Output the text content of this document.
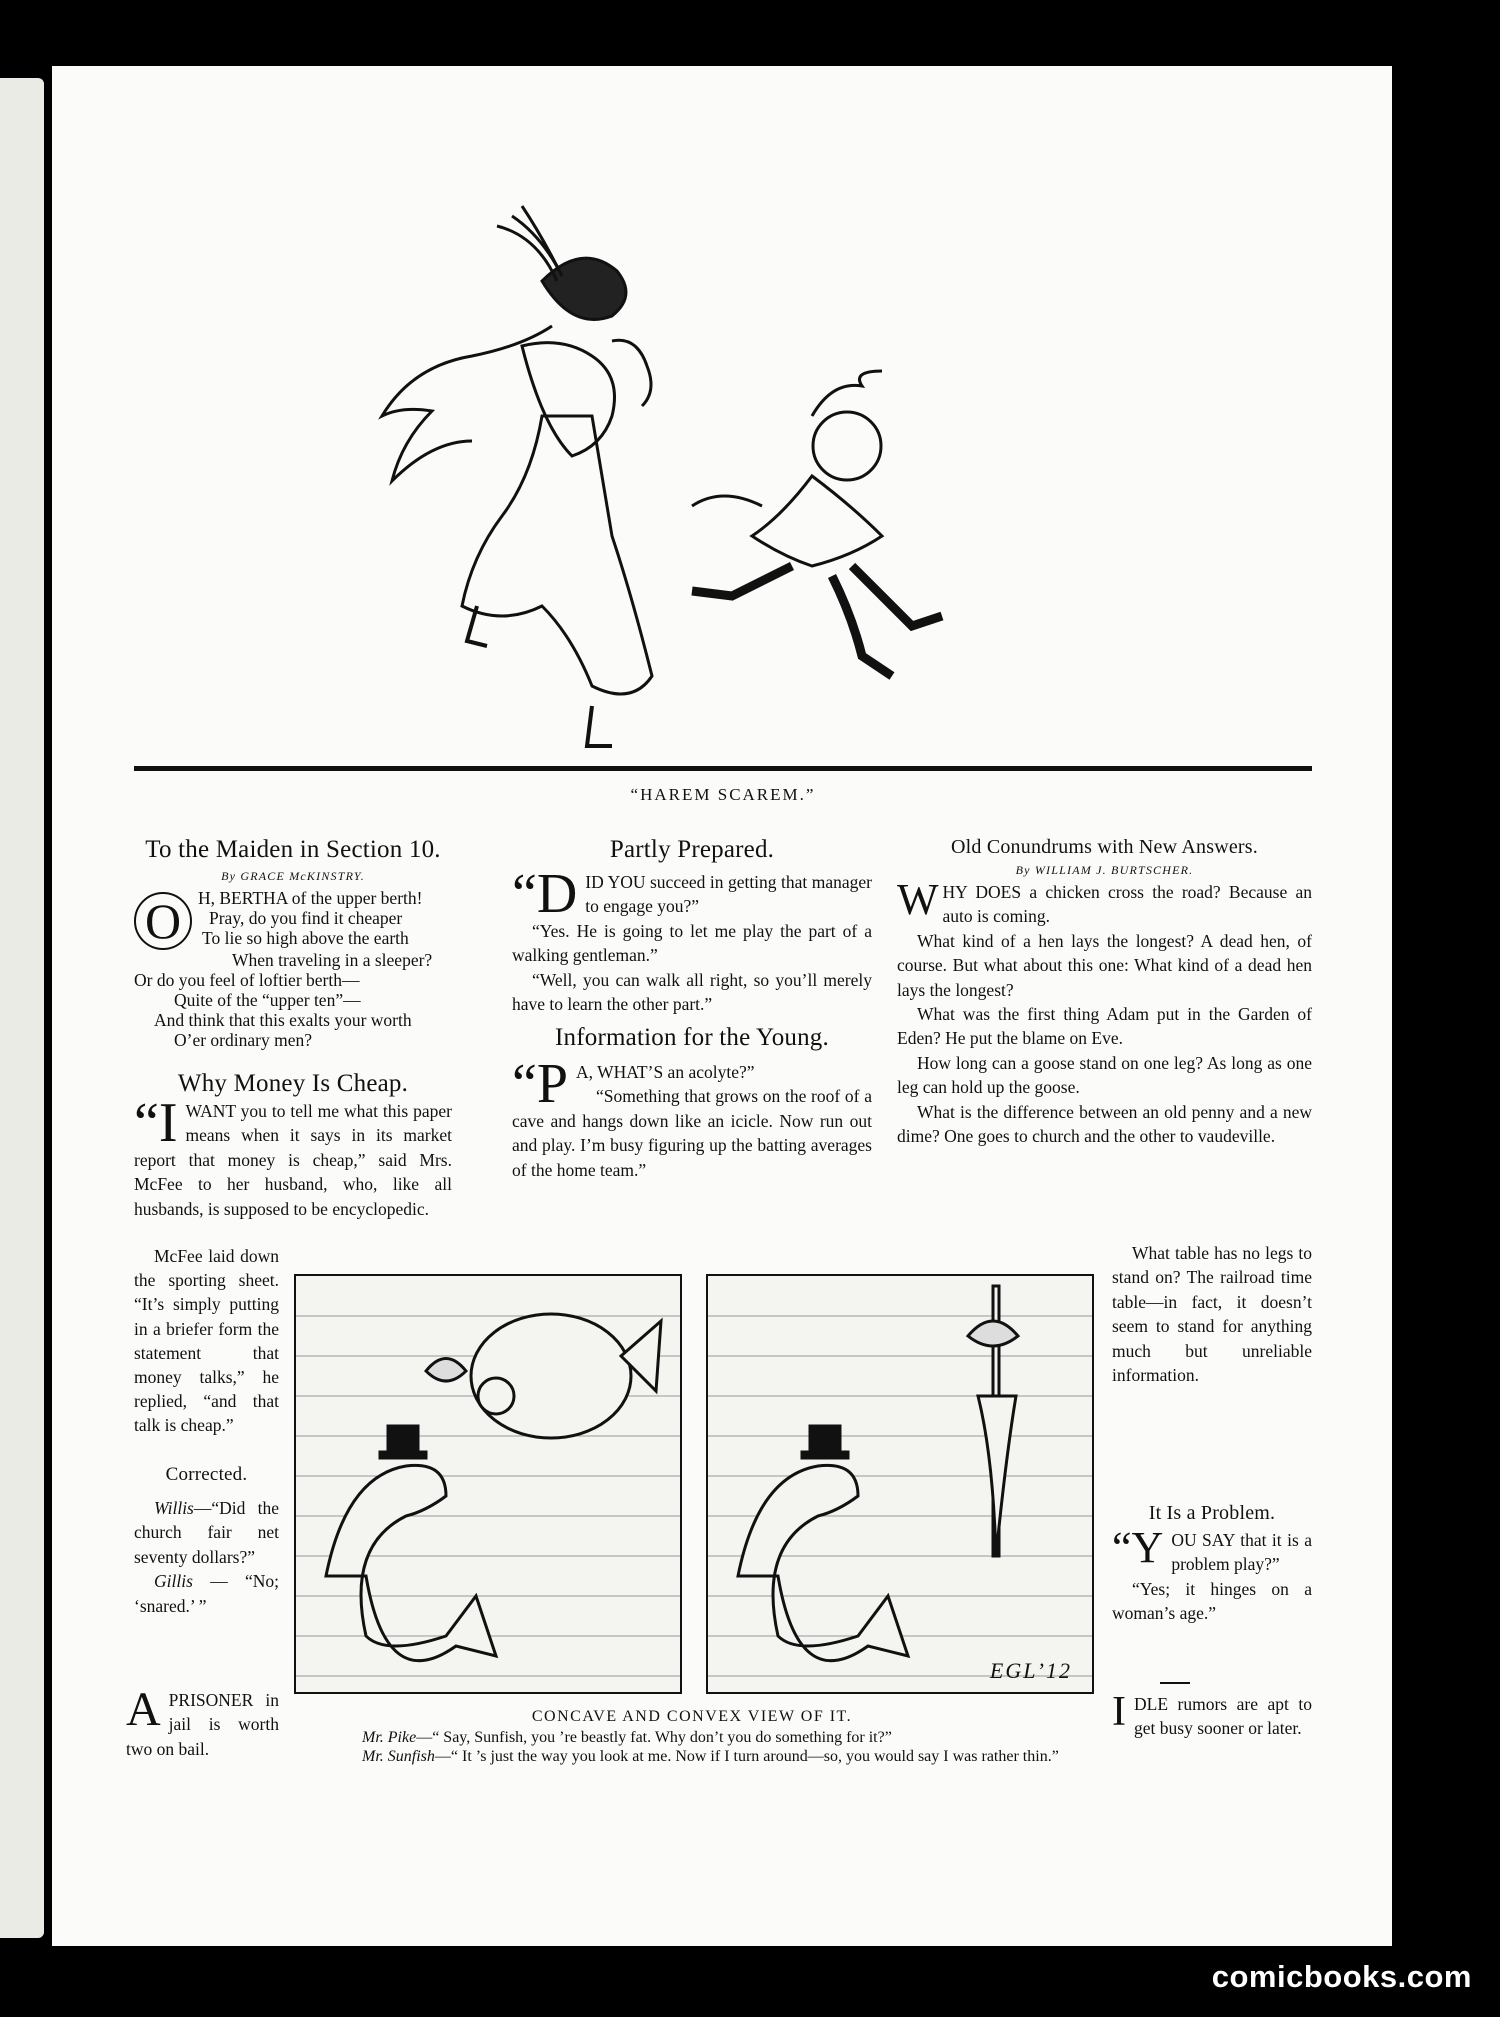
“HAREM SCAREM.”
To the Maiden in Section 10.
By GRACE McKINSTRY.
O H, BERTHA of the upper berth!
Pray, do you find it cheaper
To lie so high above the earth
When traveling in a sleeper?
Or do you feel of loftier berth—
Quite of the “upper ten”—
And think that this exalts your worth
O’er ordinary men?
Why Money Is Cheap.

“IWANT you to tell me what this paper means when it says in its market report that money is cheap,” said Mrs. McFee to her husband, who, like all husbands, is supposed to be encyclopedic.

McFee laid down the sporting sheet. “It’s simply putting in a briefer form the statement that money talks,” he replied, “and that talk is cheap.”

Corrected.

Willis—“Did the church fair net seventy dollars?”

Gillis — “No; ‘snared.’ ”

APRISONER in jail is worth two on bail.

Partly Prepared.

“DID YOU succeed in getting that manager to engage you?”

“Yes. He is going to let me play the part of a walking gentleman.”

“Well, you can walk all right, so you’ll merely have to learn the other part.”

Information for the Young.

“P A, WHAT’S an acolyte?”

“Something that grows on the roof of a cave and hangs down like an icicle. Now run out and play. I’m busy figuring up the batting averages of the home team.”

Old Conundrums with New Answers.
By WILLIAM J. BURTSCHER.

WHY DOES a chicken cross the road? Because an auto is coming.

What kind of a hen lays the longest? A dead hen, of course. But what about this one: What kind of a dead hen lays the longest?

What was the first thing Adam put in the Garden of Eden? He put the blame on Eve.

How long can a goose stand on one leg? As long as one leg can hold up the goose.

What is the difference between an old penny and a new dime? One goes to church and the other to vaudeville.

What table has no legs to stand on? The railroad time table—in fact, it doesn’t seem to stand for anything much but unreliable information.

It Is a Problem.

“YOU SAY that it is a problem play?”

“Yes; it hinges on a woman’s age.”

IDLE rumors are apt to get busy sooner or later.

EGL’12
CONCAVE AND CONVEX VIEW OF IT.
Mr. Pike—“ Say, Sunfish, you ’re beastly fat. Why don’t you do something for it?”
Mr. Sunfish—“ It ’s just the way you look at me. Now if I turn around—so, you would say I was rather thin.”
comicbooks.com
